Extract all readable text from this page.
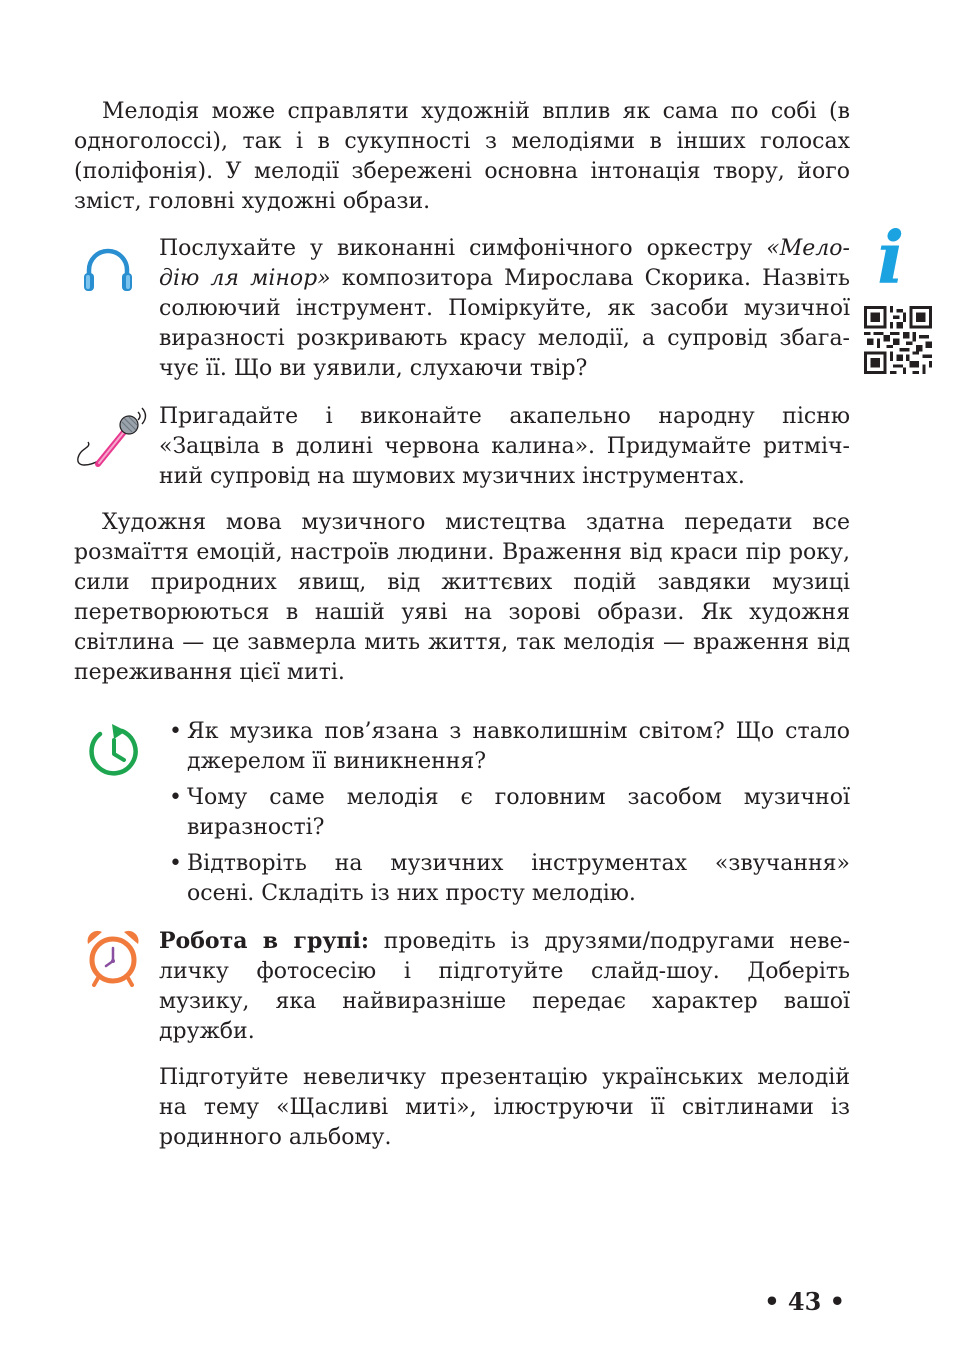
Мелодія може справляти художній вплив як сама по собі (в одноголоссі), так і в сукупності з мелодіями в інших голосах (поліфонія). У мелодії збережені основна інтонація твору, його зміст, головні художні образи.

Послухайте у виконанні симфонічного оркестру «Мело-

дію ля мінор» композитора Мирослава Скорика. Назвіть

солюючий інструмент. Поміркуйте, як засоби музичної

виразності розкривають красу мелодії, а супровід збага-

чує її. Що ви уявили, слухаючи твір?

i

Пригадайте і виконайте акапельно народну пісню

«Зацвіла в долині червона калина». Придумайте ритміч-

ний супровід на шумових музичних інструментах.

Художня мова музичного мистецтва здатна передати все розмаїття емоцій, настроїв людини. Враження від краси пір року, сили природних явищ, від життєвих подій завдяки музиці перетворюються в нашій уяві на зорові образи. Як художня світлина — це завмерла мить життя, так мелодія — враження від переживання цієї миті.

• Як музика пов’язана з навколишнім світом? Що стало

джерелом її виникнення?

• Чому саме мелодія є головним засобом музичної

виразності?

• Відтворіть на музичних інструментах «звучання»

осені. Складіть із них просту мелодію.

Робота в групі: проведіть із друзями/подругами неве-

личку фотосесію і підготуйте слайд-шоу. Доберіть

музику, яка найвиразніше передає характер вашої

дружби.

Підготуйте невеличку презентацію українських мелодій

на тему «Щасливі миті», ілюструючи її світлинами із

родинного альбому.

• 43 •
